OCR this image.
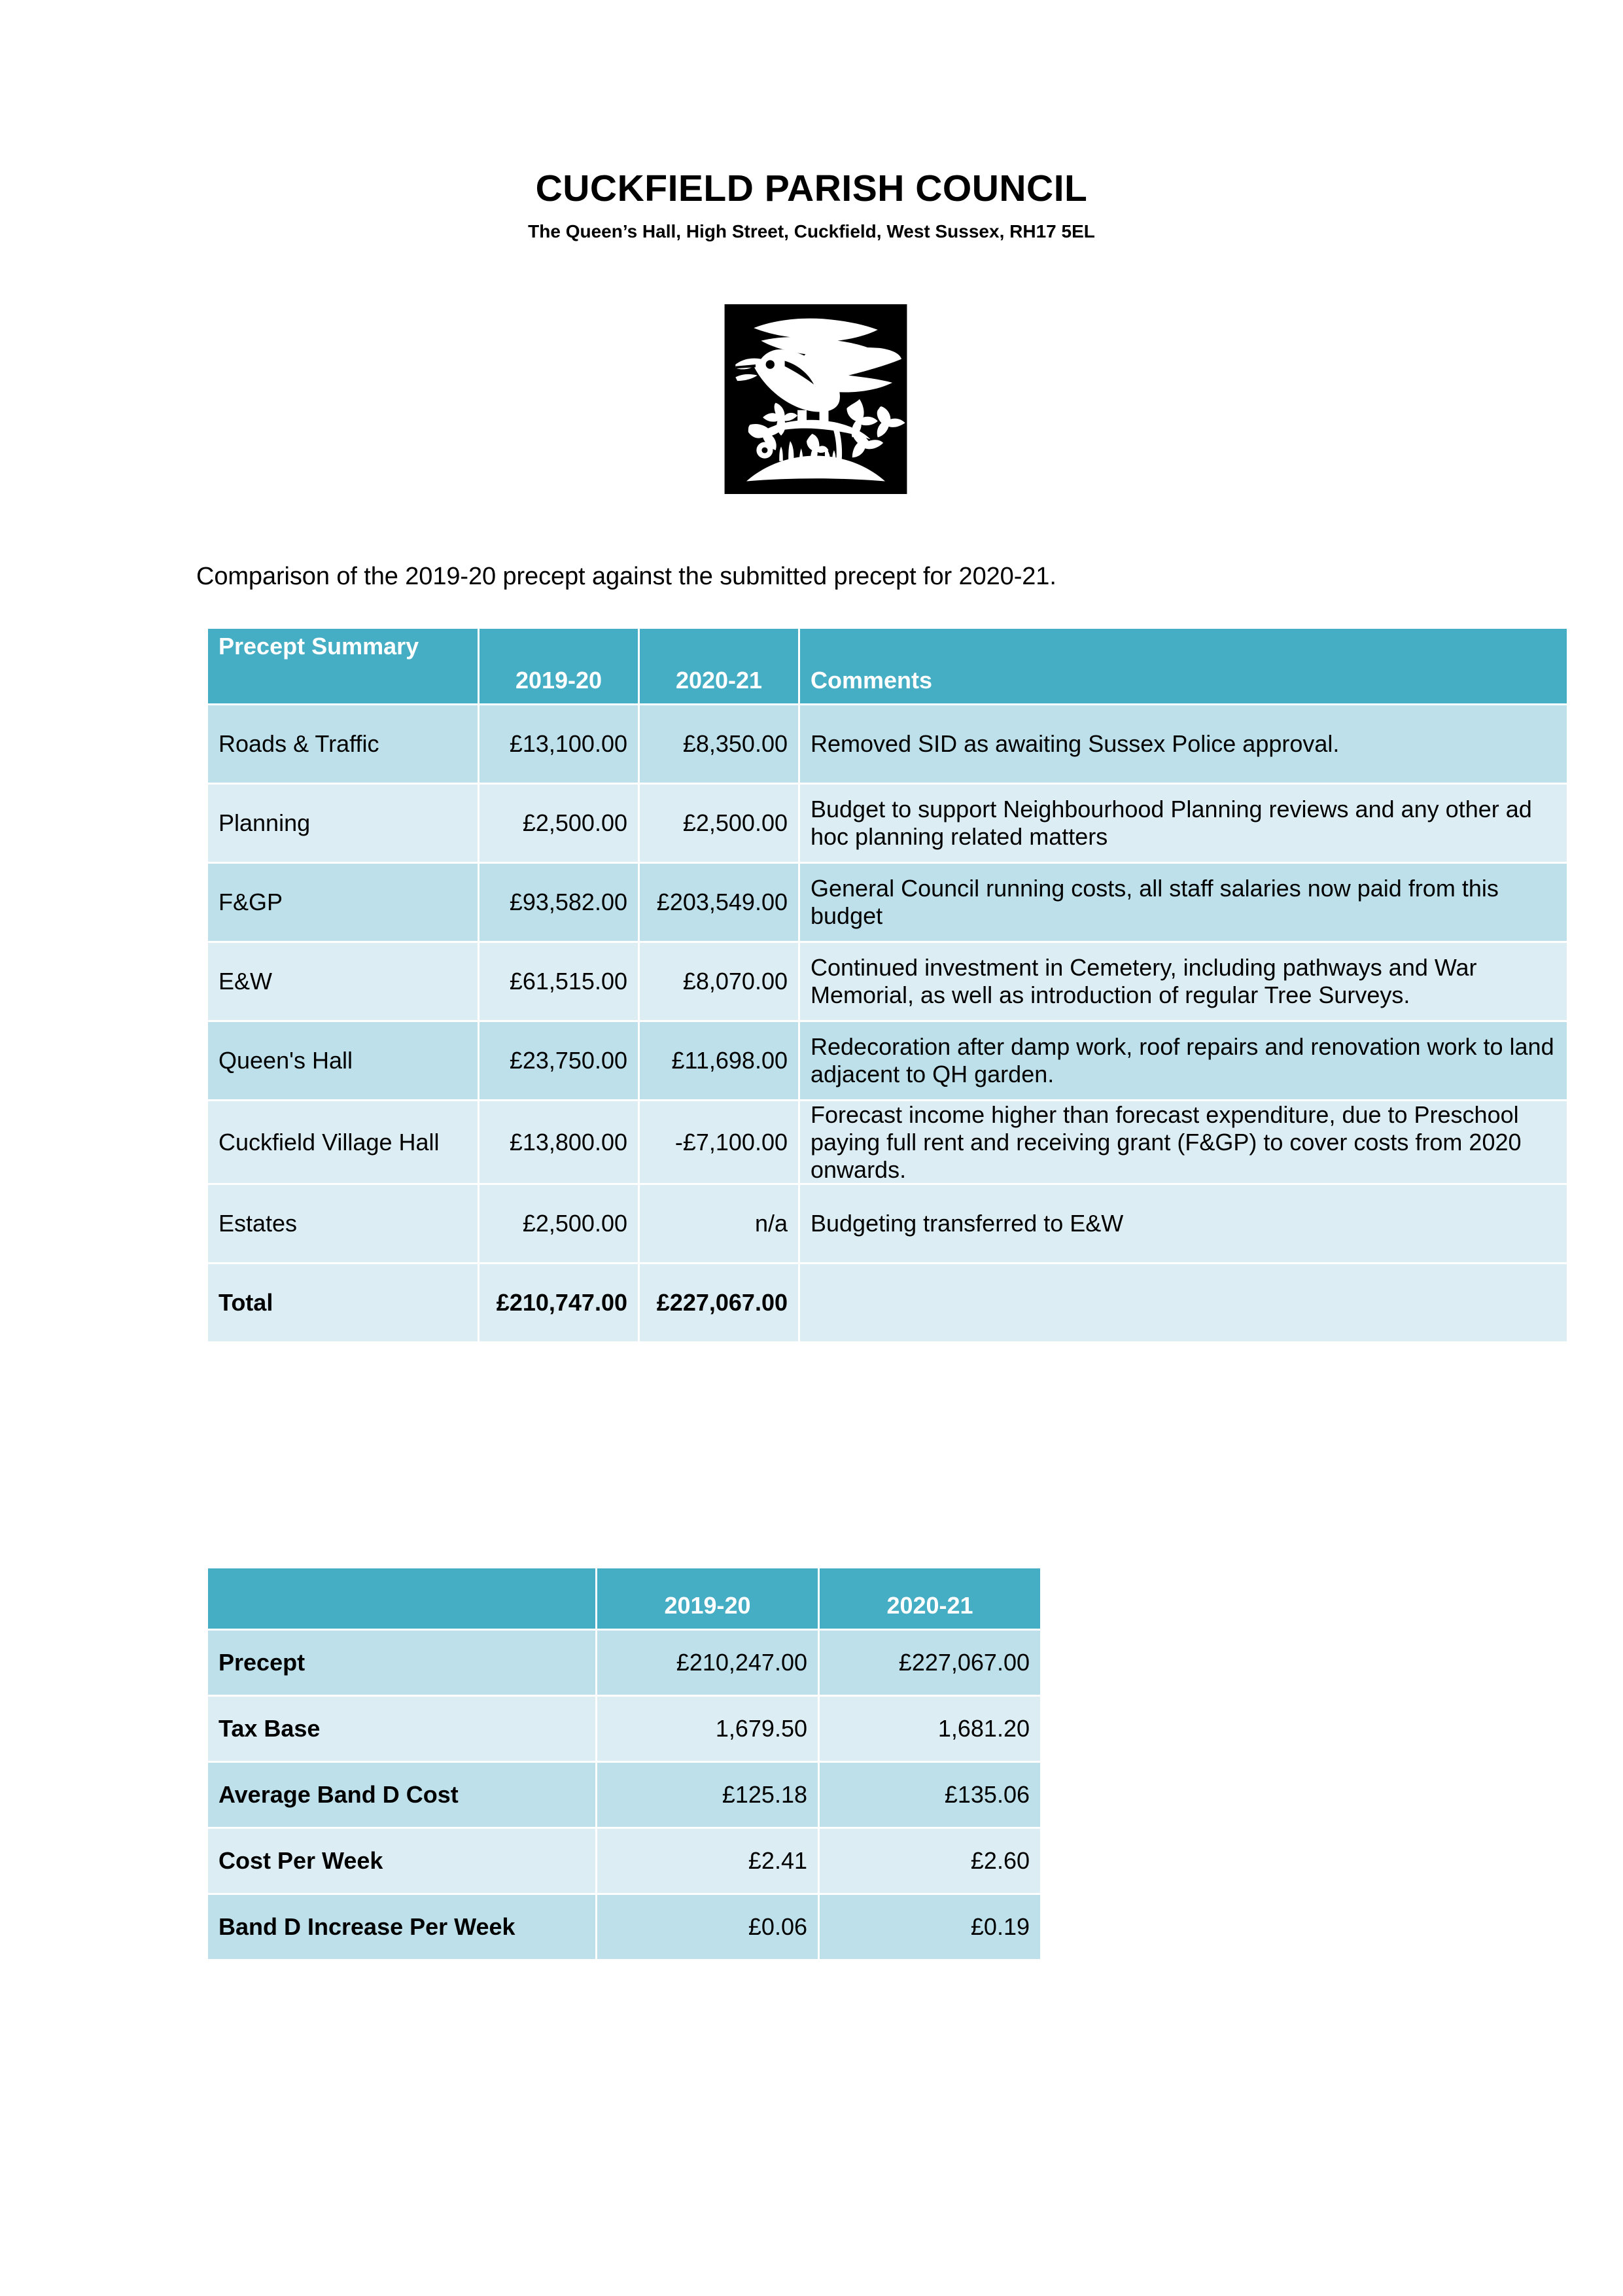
CUCKFIELD PARISH COUNCIL
The Queen’s Hall, High Street, Cuckfield, West Sussex, RH17 5EL
Comparison of the 2019-20 precept against the submitted precept for 2020-21.
Precept Summary	2019-20	2020-21	Comments
Roads & Traffic	£13,100.00	£8,350.00	Removed SID as awaiting Sussex Police approval.
Planning	£2,500.00	£2,500.00	Budget to support Neighbourhood Planning reviews and any other ad hoc planning related matters
F&GP	£93,582.00	£203,549.00	General Council running costs, all staff salaries now paid from this budget
E&W	£61,515.00	£8,070.00	Continued investment in Cemetery, including pathways and War Memorial, as well as introduction of regular Tree Surveys.
Queen's Hall	£23,750.00	£11,698.00	Redecoration after damp work, roof repairs and renovation work to land adjacent to QH garden.
Cuckfield Village Hall	£13,800.00	-£7,100.00	Forecast income higher than forecast expenditure, due to Preschool paying full rent and receiving grant (F&GP) to cover costs from 2020 onwards.
Estates	£2,500.00	n/a	Budgeting transferred to E&W
Total	£210,747.00	£227,067.00	
	2019-20	2020-21
Precept	£210,247.00	£227,067.00
Tax Base	1,679.50	1,681.20
Average Band D Cost	£125.18	£135.06
Cost Per Week	£2.41	£2.60
Band D Increase Per Week	£0.06	£0.19
